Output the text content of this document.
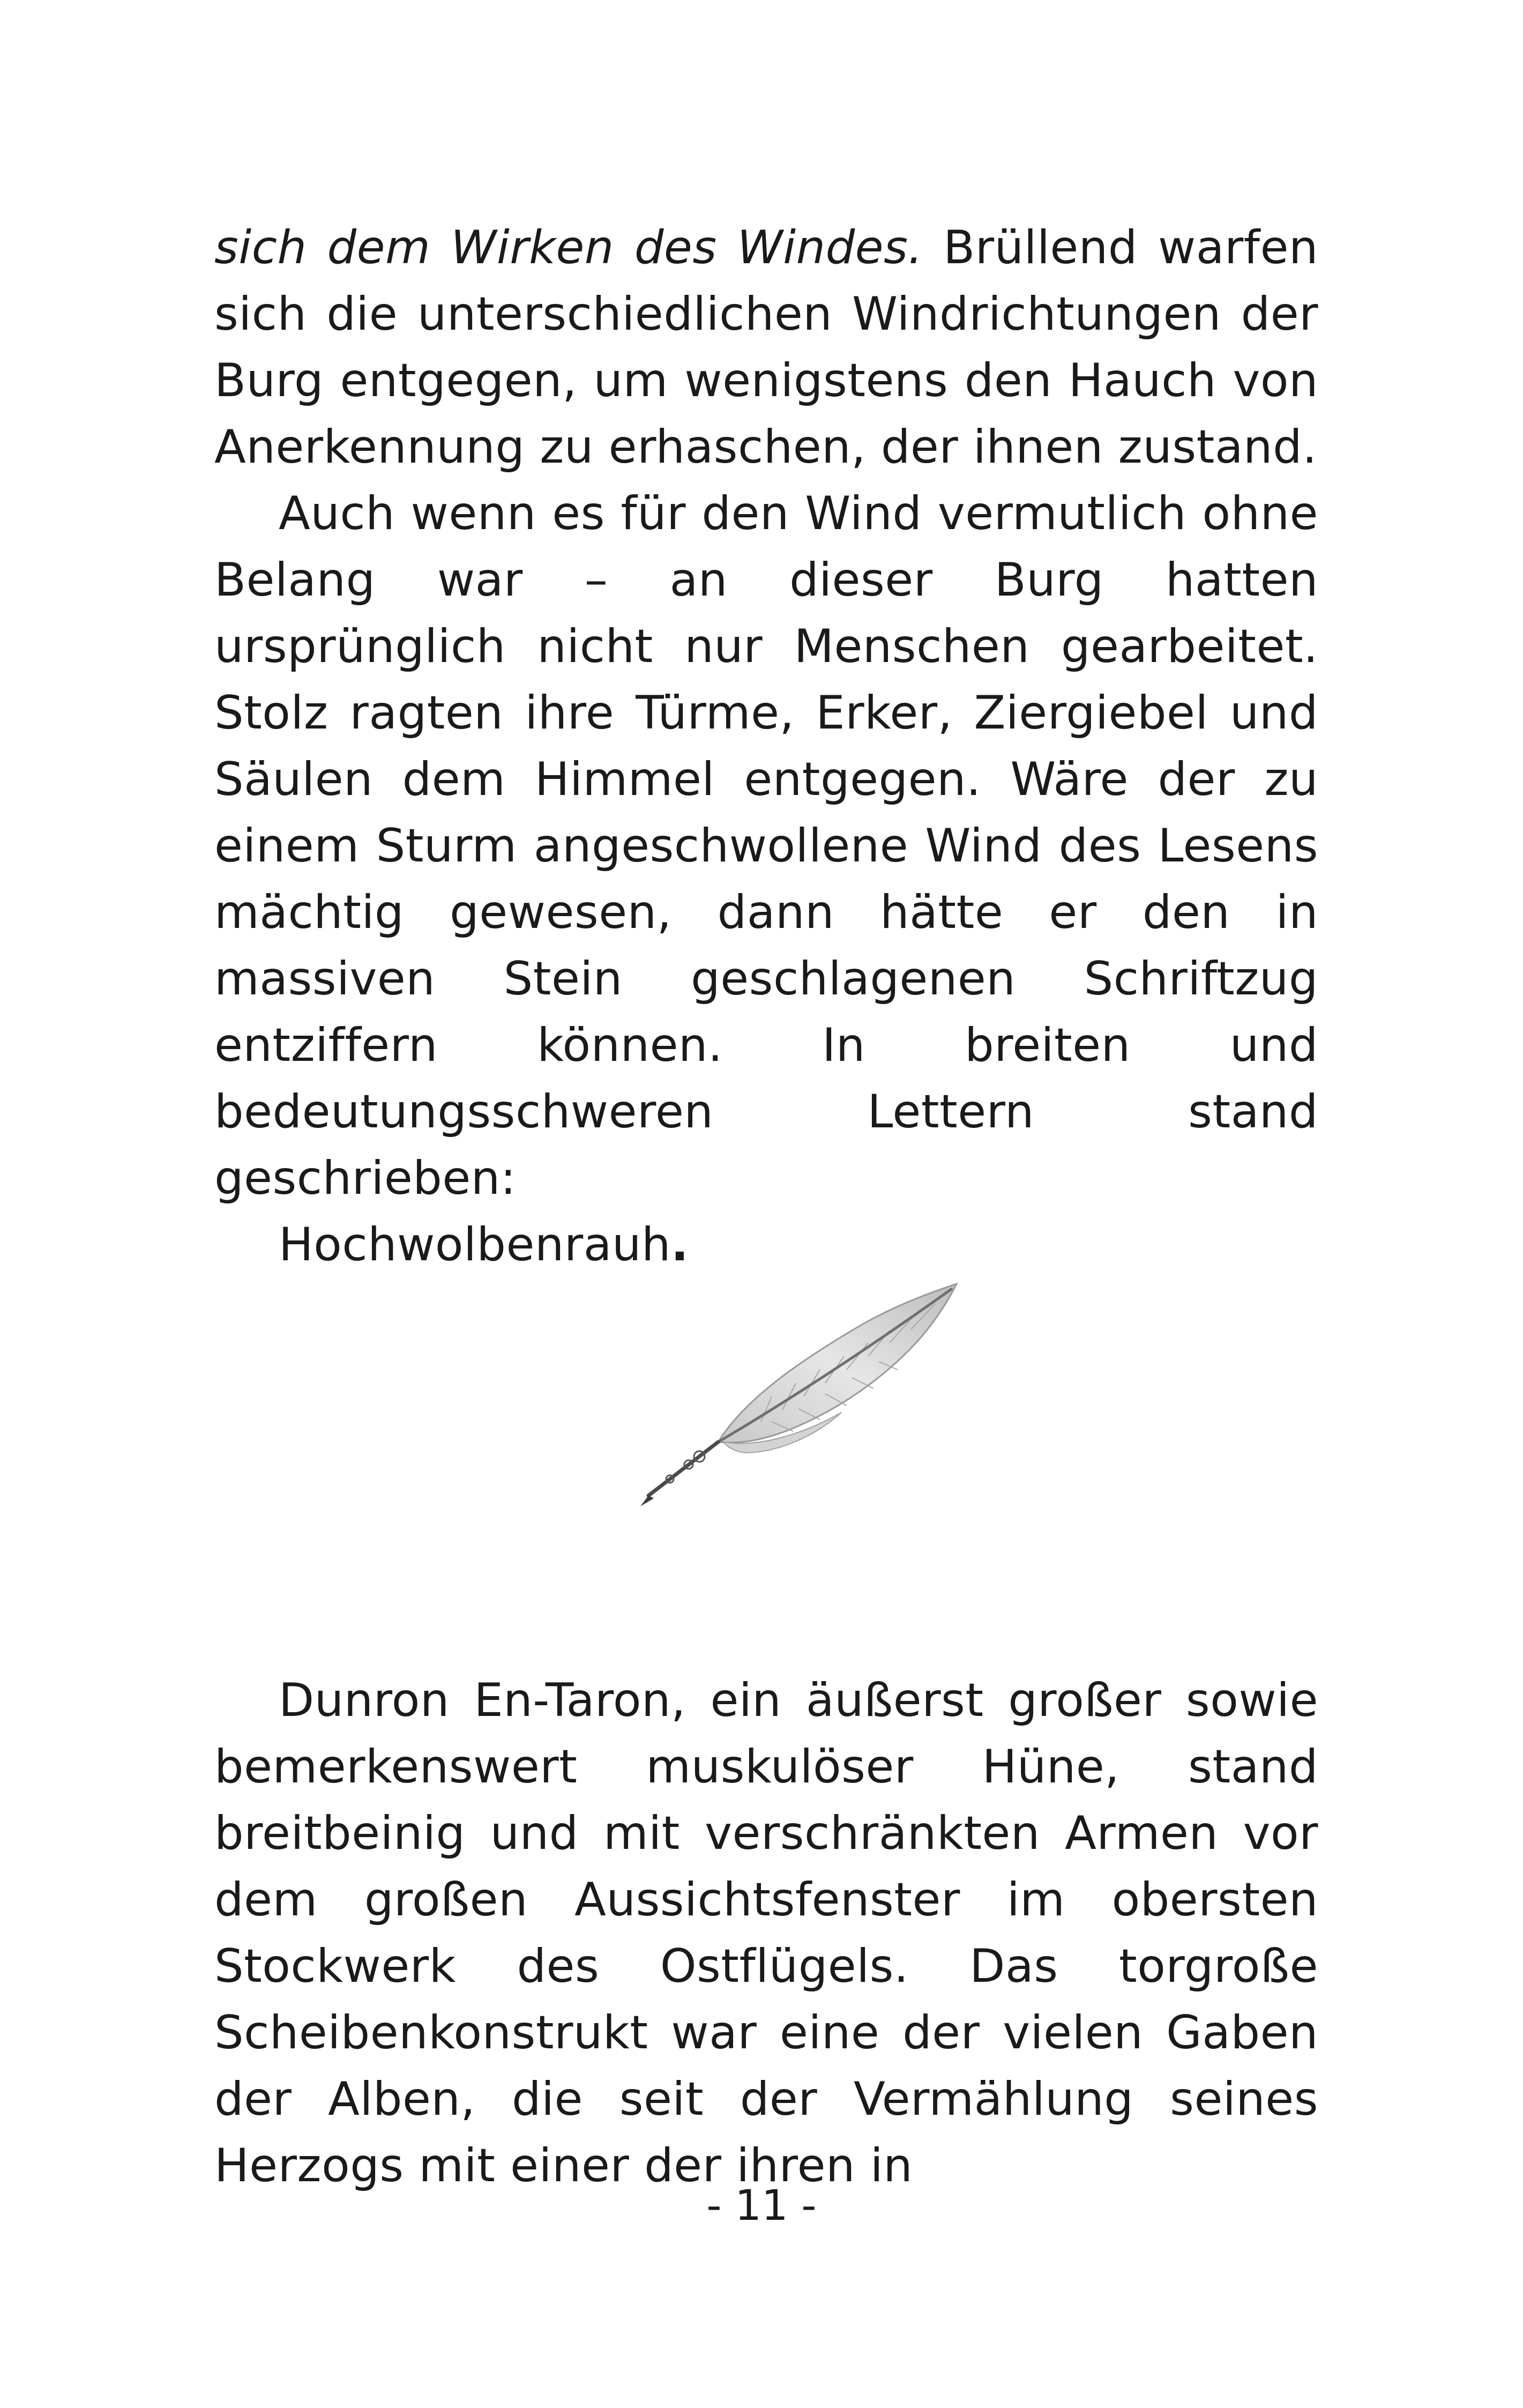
sich dem Wirken des Windes. Brüllend warfen sich die unterschiedlichen Windrichtungen der Burg entgegen, um wenigstens den Hauch von Anerkennung zu erhaschen, der ihnen zustand.

Auch wenn es für den Wind vermutlich ohne Belang war – an dieser Burg hatten ursprünglich nicht nur Menschen gearbeitet. Stolz ragten ihre Türme, Erker, Ziergiebel und Säulen dem Himmel entgegen. Wäre der zu einem Sturm angeschwollene Wind des Lesens mächtig gewesen, dann hätte er den in massiven Stein geschlagenen Schriftzug entziffern können. In breiten und bedeutungsschweren Lettern stand geschrieben:

Hochwolbenrauh.

Dunron En-Taron, ein äußerst großer sowie bemerkenswert muskulöser Hüne, stand breitbeinig und mit verschränkten Armen vor dem großen Aussichtsfenster im obersten Stockwerk des Ostflügels. Das torgroße Scheibenkonstrukt war eine der vielen Gaben der Alben, die seit der Vermählung seines Herzogs mit einer der ihren in

- 11 -
